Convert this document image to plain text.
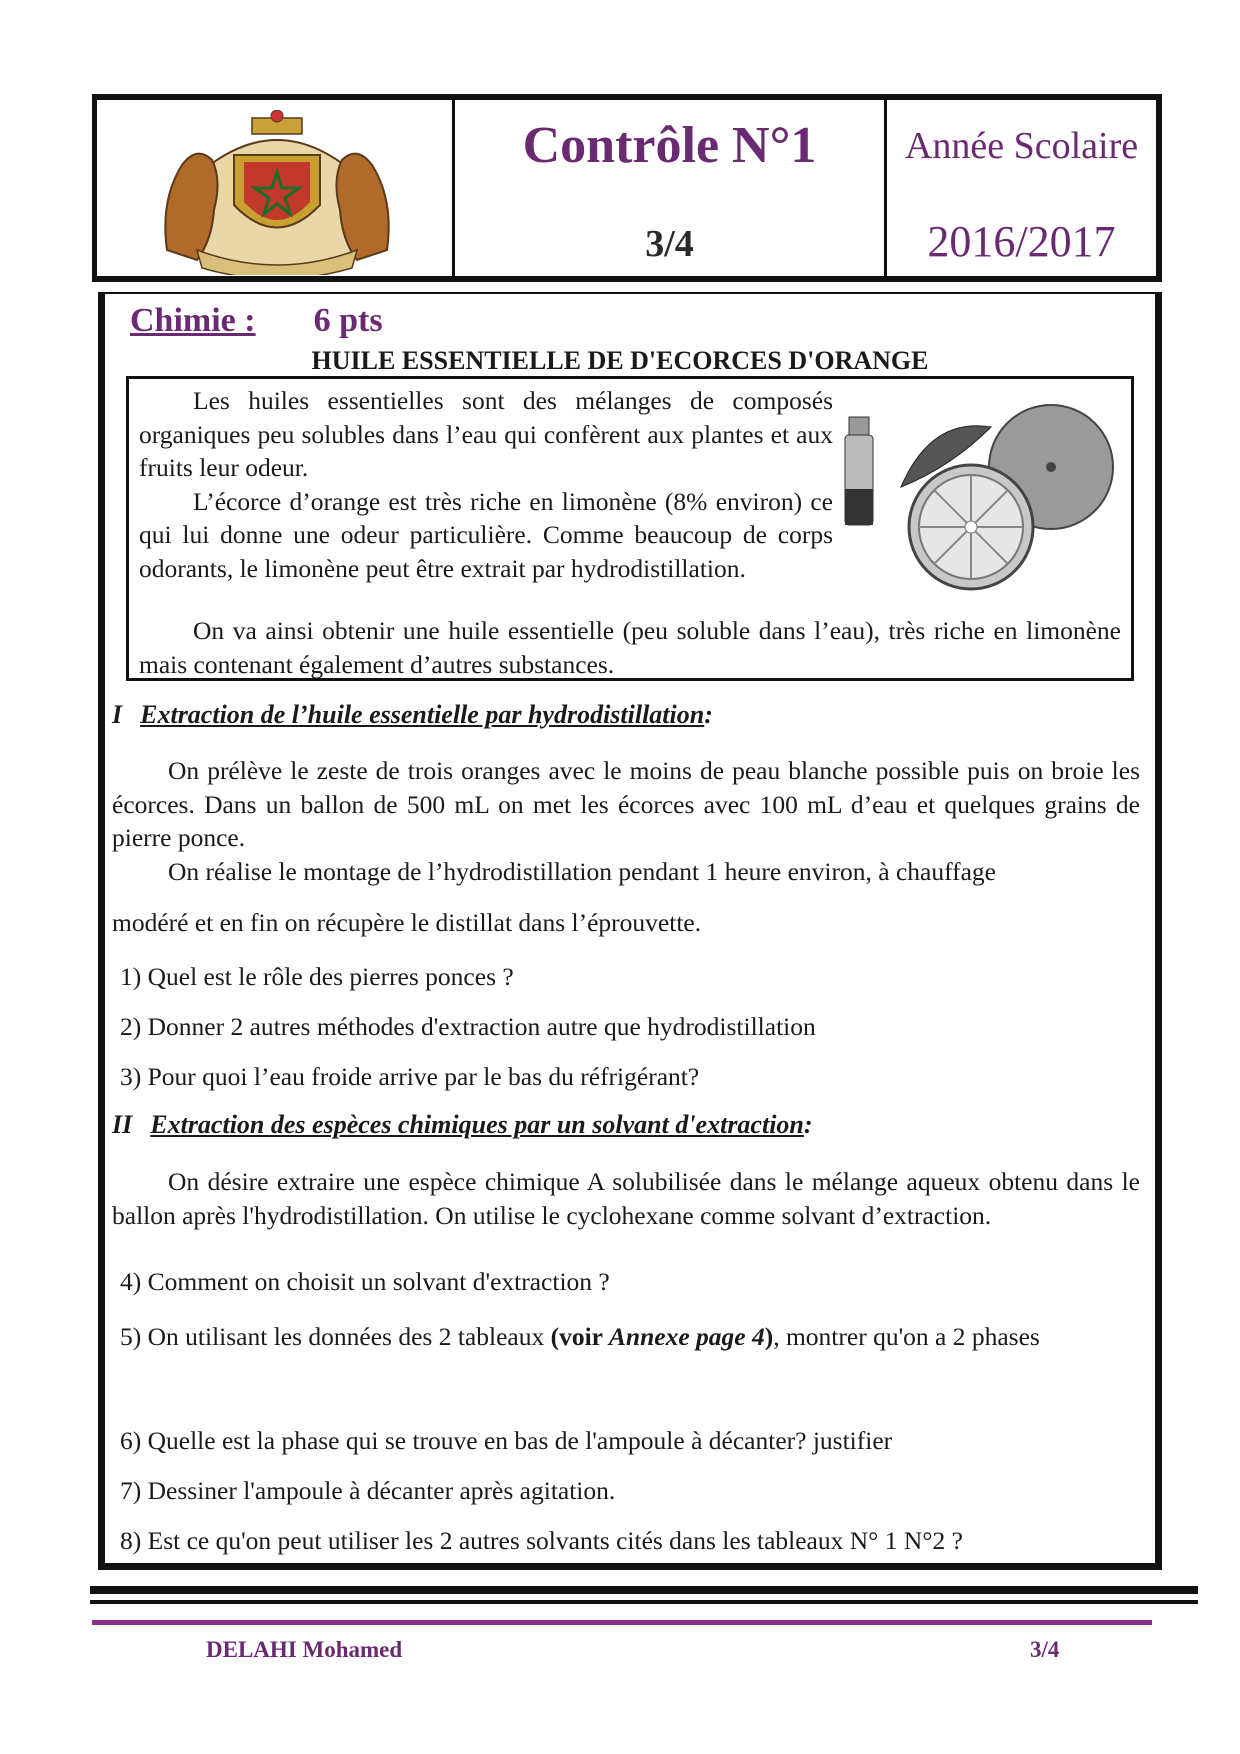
Contrôle N°1
3/4
Année Scolaire
2016/2017
Chimie : 6 pts
HUILE ESSENTIELLE DE D'ECORCES D'ORANGE

Les huiles essentielles sont des mélanges de composés organiques peu solubles dans l’eau qui confèrent aux plantes et aux fruits leur odeur.

L’écorce d’orange est très riche en limonène (8% environ) ce qui lui donne une odeur particulière. Comme beaucoup de corps odorants, le limonène peut être extrait par hydrodistillation.

On va ainsi obtenir une huile essentielle (peu soluble dans l’eau), très riche en limonène mais contenant également d’autres substances.

I Extraction de l’huile essentielle par hydrodistillation:

On prélève le zeste de trois oranges avec le moins de peau blanche possible puis on broie les écorces. Dans un ballon de 500 mL on met les écorces avec 100 mL d’eau et quelques grains de pierre ponce.

On réalise le montage de l’hydrodistillation pendant 1 heure environ, à chauffage

modéré et en fin on récupère le distillat dans l’éprouvette.
1) Quel est le rôle des pierres ponces ?
2) Donner 2 autres méthodes d'extraction autre que hydrodistillation
3) Pour quoi l’eau froide arrive par le bas du réfrigérant?
II Extraction des espèces chimiques par un solvant d'extraction:

On désire extraire une espèce chimique A solubilisée dans le mélange aqueux obtenu dans le ballon après l'hydrodistillation. On utilise le cyclohexane comme solvant d’extraction.

4) Comment on choisit un solvant d'extraction ?
5) On utilisant les données des 2 tableaux (voir Annexe page 4), montrer qu'on a 2 phases
6) Quelle est la phase qui se trouve en bas de l'ampoule à décanter? justifier
7) Dessiner l'ampoule à décanter après agitation.
8) Est ce qu'on peut utiliser les 2 autres solvants cités dans les tableaux N° 1 N°2 ?
DELAHI Mohamed	3/4
